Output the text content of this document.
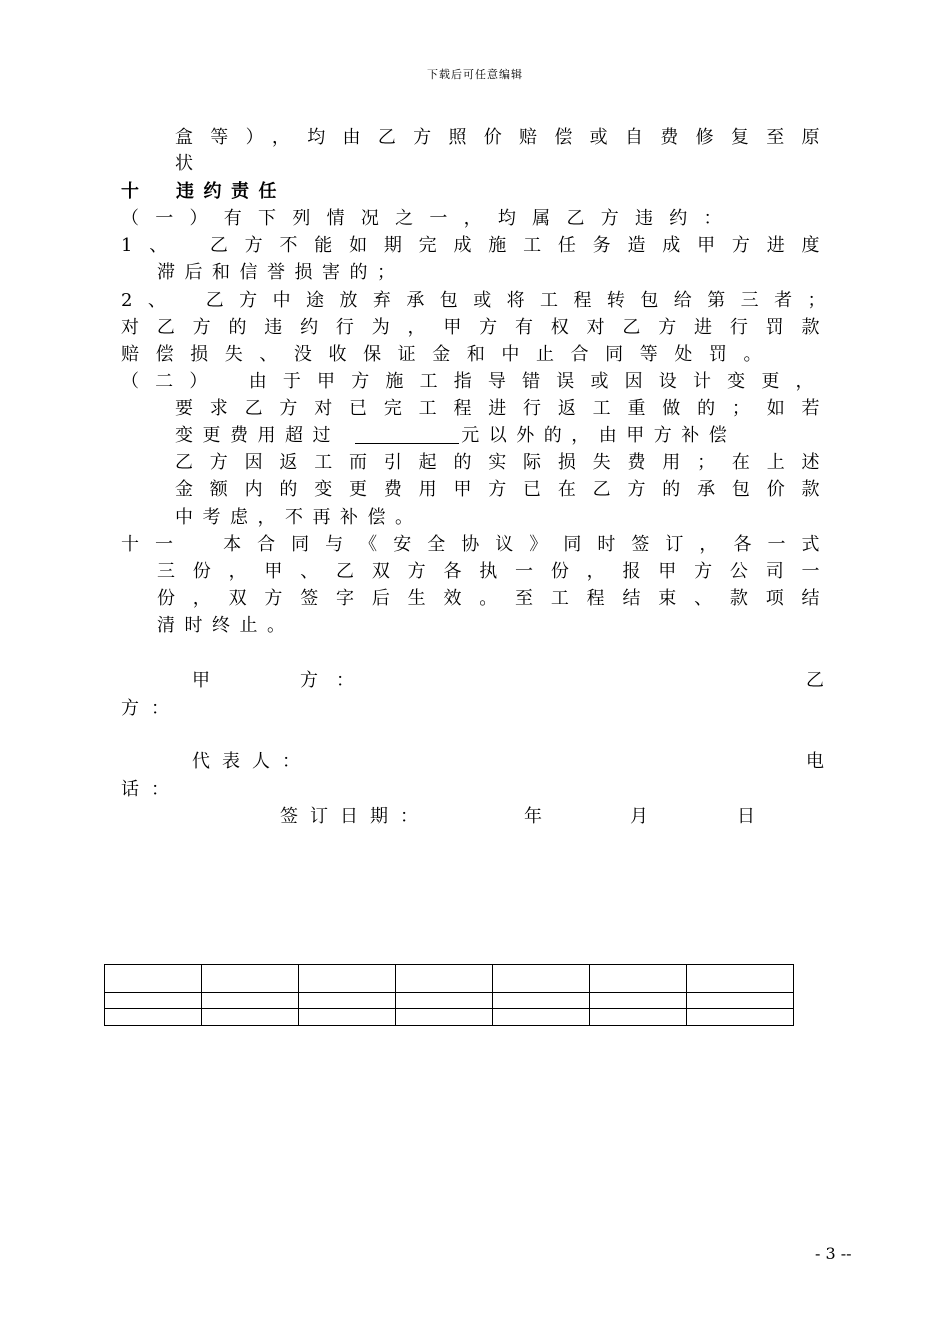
下载后可任意编辑
盒等），均由乙方照价赔偿或自费修复至原
状
十　违约责任
（一）有下列情况之一，均属乙方违约：
1、　乙方不能如期完成施工任务造成甲方进度
滞后和信誉损害的；
2、　乙方中途放弃承包或将工程转包给第三者；
对乙方的违约行为，甲方有权对乙方进行罚款
赔偿损失、没收保证金和中止合同等处罚。
（二）　由于甲方施工指导错误或因设计变更，
要求乙方对已完工程进行返工重做的；如若
变更费用超过	元以外的，由甲方补偿
乙方因返工而引起的实际损失费用；在上述
金额内的变更费用甲方已在乙方的承包价款
中考虑，不再补偿。
十一　本合同与《安全协议》同时签订，各一式
三份，甲、乙双方各执一份，报甲方公司一
份，双方签字后生效。至工程结束、款项结
清时终止。
甲　　方：	乙
方：
代表人：	电
话：
签订日期：	年	月	日

- 3 --
